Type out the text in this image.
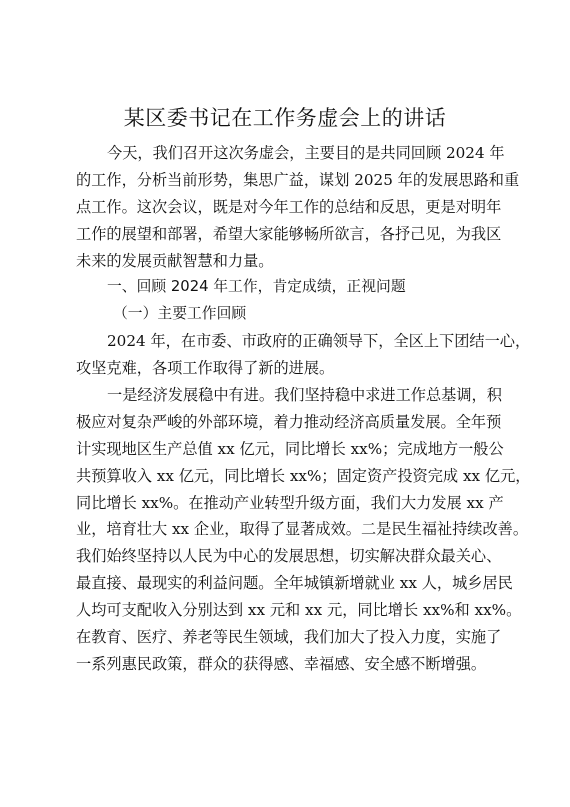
某区委书记在工作务虚会上的讲话
今天，我们召开这次务虚会，主要目的是共同回顾 2024 年
的工作，分析当前形势，集思广益，谋划 2025 年的发展思路和重
点工作。这次会议，既是对今年工作的总结和反思，更是对明年
工作的展望和部署，希望大家能够畅所欲言，各抒己见，为我区
未来的发展贡献智慧和力量。
一、回顾 2024 年工作，肯定成绩，正视问题
（一）主要工作回顾
2024 年，在市委、市政府的正确领导下，全区上下团结一心，
攻坚克难，各项工作取得了新的进展。
一是经济发展稳中有进。我们坚持稳中求进工作总基调，积
极应对复杂严峻的外部环境，着力推动经济高质量发展。全年预
计实现地区生产总值 xx 亿元，同比增长 xx%；完成地方一般公
共预算收入 xx 亿元，同比增长 xx%；固定资产投资完成 xx 亿元，
同比增长 xx%。在推动产业转型升级方面，我们大力发展 xx 产
业，培育壮大 xx 企业，取得了显著成效。二是民生福祉持续改善。
我们始终坚持以人民为中心的发展思想，切实解决群众最关心、
最直接、最现实的利益问题。全年城镇新增就业 xx 人，城乡居民
人均可支配收入分别达到 xx 元和 xx 元，同比增长 xx%和 xx%。
在教育、医疗、养老等民生领域，我们加大了投入力度，实施了
一系列惠民政策，群众的获得感、幸福感、安全感不断增强。
